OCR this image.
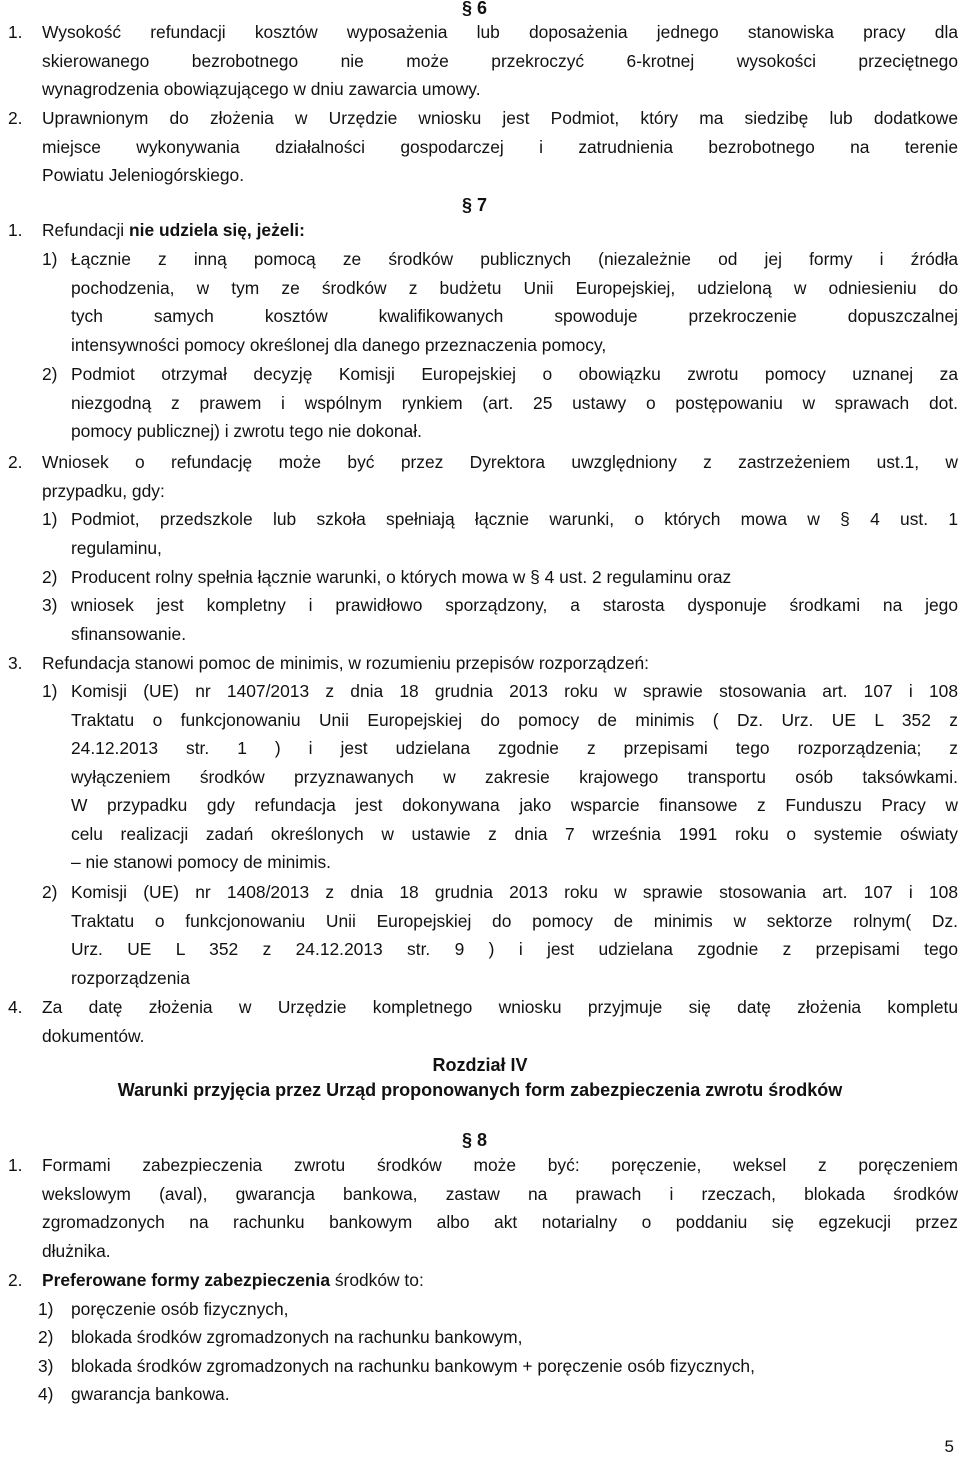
§ 6
1. Wysokość refundacji kosztów wyposażenia lub doposażenia jednego stanowiska pracy dla
skierowanego bezrobotnego nie może przekroczyć 6-krotnej wysokości przeciętnego
wynagrodzenia obowiązującego w dniu zawarcia umowy.
2. Uprawnionym do złożenia w Urzędzie wniosku jest Podmiot, który ma siedzibę lub dodatkowe
miejsce wykonywania działalności gospodarczej i zatrudnienia bezrobotnego na terenie
Powiatu Jeleniogórskiego.
§ 7
1. Refundacji nie udziela się, jeżeli:
1) Łącznie z inną pomocą ze środków publicznych (niezależnie od jej formy i źródła
pochodzenia, w tym ze środków z budżetu Unii Europejskiej, udzieloną w odniesieniu do
tych samych kosztów kwalifikowanych spowoduje przekroczenie dopuszczalnej
intensywności pomocy określonej dla danego przeznaczenia pomocy,
2) Podmiot otrzymał decyzję Komisji Europejskiej o obowiązku zwrotu pomocy uznanej za
niezgodną z prawem i wspólnym rynkiem (art. 25 ustawy o postępowaniu w sprawach dot.
pomocy publicznej) i zwrotu tego nie dokonał.
2. Wniosek o refundację może być przez Dyrektora uwzględniony z zastrzeżeniem ust.1, w
przypadku, gdy:
1) Podmiot, przedszkole lub szkoła spełniają łącznie warunki, o których mowa w § 4 ust. 1
regulaminu,
2) Producent rolny spełnia łącznie warunki, o których mowa w § 4 ust. 2 regulaminu oraz
3) wniosek jest kompletny i prawidłowo sporządzony, a starosta dysponuje środkami na jego
sfinansowanie.
3. Refundacja stanowi pomoc de minimis, w rozumieniu przepisów rozporządzeń:
1) Komisji (UE) nr 1407/2013 z dnia 18 grudnia 2013 roku w sprawie stosowania art. 107 i 108
Traktatu o funkcjonowaniu Unii Europejskiej do pomocy de minimis ( Dz. Urz. UE L 352 z
24.12.2013 str. 1 ) i jest udzielana zgodnie z przepisami tego rozporządzenia; z
wyłączeniem środków przyznawanych w zakresie krajowego transportu osób taksówkami.
W przypadku gdy refundacja jest dokonywana jako wsparcie finansowe z Funduszu Pracy w
celu realizacji zadań określonych w ustawie z dnia 7 września 1991 roku o systemie oświaty
– nie stanowi pomocy de minimis.
2) Komisji (UE) nr 1408/2013 z dnia 18 grudnia 2013 roku w sprawie stosowania art. 107 i 108
Traktatu o funkcjonowaniu Unii Europejskiej do pomocy de minimis w sektorze rolnym( Dz.
Urz. UE L 352 z 24.12.2013 str. 9 ) i jest udzielana zgodnie z przepisami tego
rozporządzenia
4. Za datę złożenia w Urzędzie kompletnego wniosku przyjmuje się datę złożenia kompletu
dokumentów.
Rozdział IV
Warunki przyjęcia przez Urząd proponowanych form zabezpieczenia zwrotu środków
§ 8
1. Formami zabezpieczenia zwrotu środków może być: poręczenie, weksel z poręczeniem
wekslowym (aval), gwarancja bankowa, zastaw na prawach i rzeczach, blokada środków
zgromadzonych na rachunku bankowym albo akt notarialny o poddaniu się egzekucji przez
dłużnika.
2. Preferowane formy zabezpieczenia środków to:
1) poręczenie osób fizycznych,
2) blokada środków zgromadzonych na rachunku bankowym,
3) blokada środków zgromadzonych na rachunku bankowym + poręczenie osób fizycznych,
4) gwarancja bankowa.
5
